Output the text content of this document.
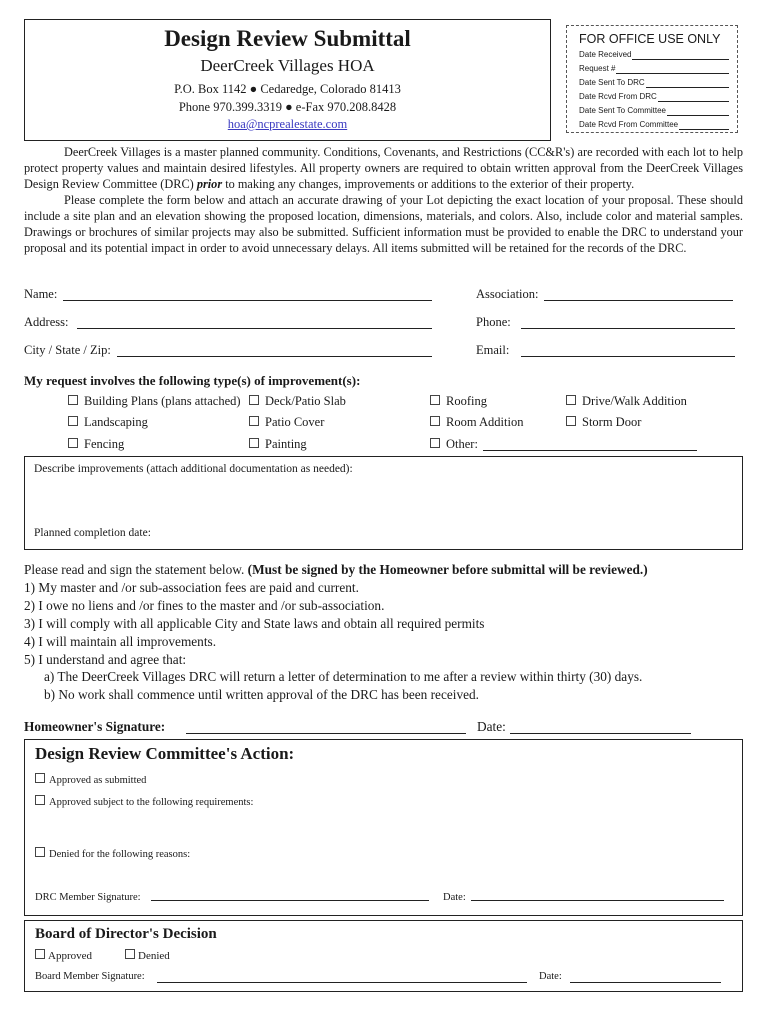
Design Review Submittal
DeerCreek Villages HOA
P.O. Box 1142 ● Cedaredge, Colorado 81413
Phone 970.399.3319 ● e-Fax 970.208.8428
hoa@ncprealestate.com
FOR OFFICE USE ONLY
Date Received
Request #
Date Sent To DRC
Date Rcvd From DRC
Date Sent To Committee
Date Rcvd From Committee
DeerCreek Villages is a master planned community. Conditions, Covenants, and Restrictions (CC&R's) are recorded with each lot to help protect property values and maintain desired lifestyles. All property owners are required to obtain written approval from the DeerCreek Villages Design Review Committee (DRC) prior to making any changes, improvements or additions to the exterior of their property.
Please complete the form below and attach an accurate drawing of your Lot depicting the exact location of your proposal. These should include a site plan and an elevation showing the proposed location, dimensions, materials, and colors. Also, include color and material samples. Drawings or brochures of similar projects may also be submitted. Sufficient information must be provided to enable the DRC to understand your proposal and its potential impact in order to avoid unnecessary delays. All items submitted will be retained for the records of the DRC.
Name:
Address:
City / State / Zip:
Association:
Phone:
Email:
My request involves the following type(s) of improvement(s):
Building Plans (plans attached)	Deck/Patio Slab	Roofing	Drive/Walk Addition
Landscaping	Patio Cover	Room Addition	Storm Door
Fencing	Painting	Other:
Describe improvements (attach additional documentation as needed):
Planned completion date:
Please read and sign the statement below. (Must be signed by the Homeowner before submittal will be reviewed.)
1) My master and /or sub-association fees are paid and current.
2) I owe no liens and /or fines to the master and /or sub-association.
3) I will comply with all applicable City and State laws and obtain all required permits
4) I will maintain all improvements.
5) I understand and agree that:
a) The DeerCreek Villages DRC will return a letter of determination to me after a review within thirty (30) days.
b) No work shall commence until written approval of the DRC has been received.
Homeowner's Signature:	Date:
Design Review Committee's Action:
Approved as submitted
Approved subject to the following requirements:
Denied for the following reasons:
DRC Member Signature:	Date:
Board of Director's Decision
Approved	Denied
Board Member Signature:	Date:
